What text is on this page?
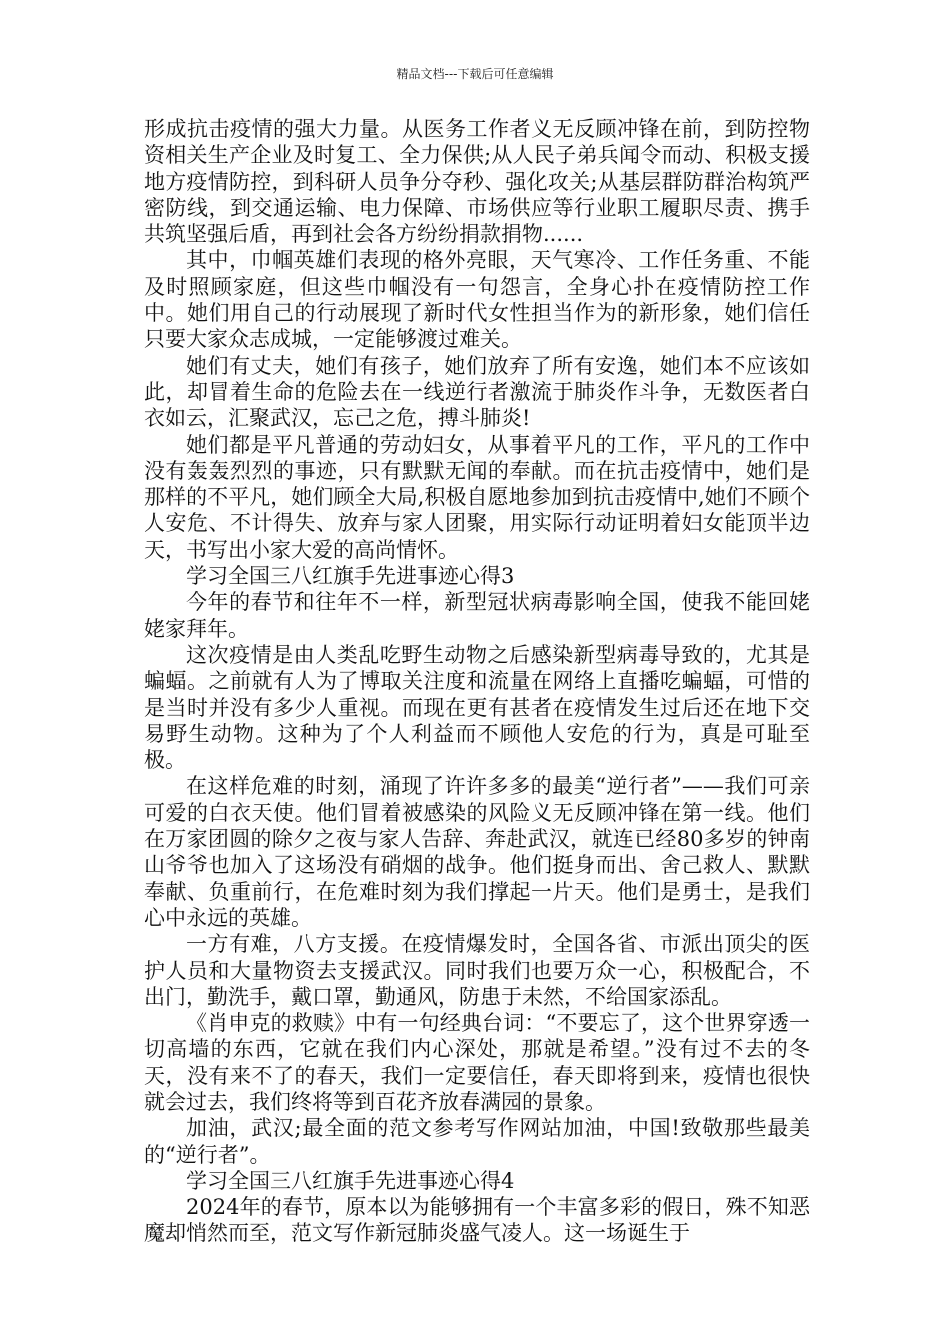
精品文档---下载后可任意编辑

形成抗击疫情的强大力量。从医务工作者义无反顾冲锋在前，到防控物资相关生产企业及时复工、全力保供;从人民子弟兵闻令而动、积极支援地方疫情防控，到科研人员争分夺秒、强化攻关;从基层群防群治构筑严密防线，到交通运输、电力保障、市场供应等行业职工履职尽责、携手共筑坚强后盾，再到社会各方纷纷捐款捐物......

其中，巾帼英雄们表现的格外亮眼，天气寒冷、工作任务重、不能及时照顾家庭，但这些巾帼没有一句怨言，全身心扑在疫情防控工作中。她们用自己的行动展现了新时代女性担当作为的新形象，她们信任只要大家众志成城，一定能够渡过难关。

她们有丈夫，她们有孩子，她们放弃了所有安逸，她们本不应该如此，却冒着生命的危险去在一线逆行者激流于肺炎作斗争，无数医者白衣如云，汇聚武汉，忘己之危，搏斗肺炎!

她们都是平凡普通的劳动妇女，从事着平凡的工作，平凡的工作中没有轰轰烈烈的事迹，只有默默无闻的奉献。而在抗击疫情中，她们是那样的不平凡，她们顾全大局,积极自愿地参加到抗击疫情中,她们不顾个人安危、不计得失、放弃与家人团聚，用实际行动证明着妇女能顶半边天，书写出小家大爱的高尚情怀。

学习全国三八红旗手先进事迹心得3

今年的春节和往年不一样，新型冠状病毒影响全国，使我不能回姥姥家拜年。

这次疫情是由人类乱吃野生动物之后感染新型病毒导致的，尤其是蝙蝠。之前就有人为了博取关注度和流量在网络上直播吃蝙蝠，可惜的是当时并没有多少人重视。而现在更有甚者在疫情发生过后还在地下交易野生动物。这种为了个人利益而不顾他人安危的行为，真是可耻至极。

在这样危难的时刻，涌现了许许多多的最美“逆行者”——我们可亲可爱的白衣天使。他们冒着被感染的风险义无反顾冲锋在第一线。他们在万家团圆的除夕之夜与家人告辞、奔赴武汉，就连已经80多岁的钟南山爷爷也加入了这场没有硝烟的战争。他们挺身而出、舍己救人、默默奉献、负重前行，在危难时刻为我们撑起一片天。他们是勇士，是我们心中永远的英雄。

一方有难，八方支援。在疫情爆发时，全国各省、市派出顶尖的医护人员和大量物资去支援武汉。同时我们也要万众一心，积极配合，不出门，勤洗手，戴口罩，勤通风，防患于未然，不给国家添乱。

《肖申克的救赎》中有一句经典台词：“不要忘了，这个世界穿透一切高墙的东西，它就在我们内心深处，那就是希望。”没有过不去的冬天，没有来不了的春天，我们一定要信任，春天即将到来，疫情也很快就会过去，我们终将等到百花齐放春满园的景象。

加油，武汉;最全面的范文参考写作网站加油，中国!致敬那些最美的“逆行者”。

学习全国三八红旗手先进事迹心得4

2024年的春节，原本以为能够拥有一个丰富多彩的假日，殊不知恶魔却悄然而至，范文写作新冠肺炎盛气凌人。这一场诞生于
